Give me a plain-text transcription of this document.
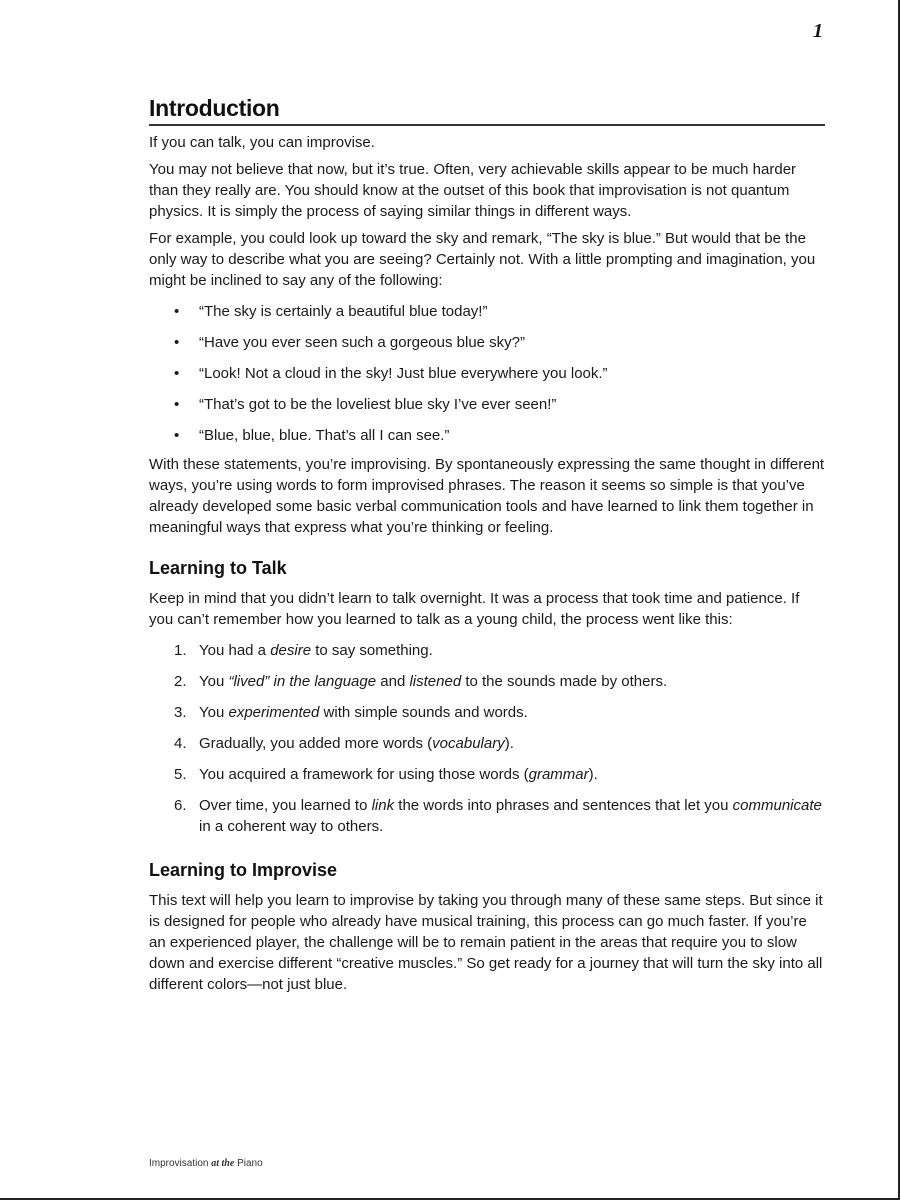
1
Introduction

If you can talk, you can improvise.

You may not believe that now, but it’s true. Often, very achievable skills appear to be much harder than they really are. You should know at the outset of this book that improvisation is not quantum physics. It is simply the process of saying similar things in different ways.

For example, you could look up toward the sky and remark, “The sky is blue.” But would that be the only way to describe what you are seeing? Certainly not. With a little prompting and imagination, you might be inclined to say any of the following:

• “The sky is certainly a beautiful blue today!”
• “Have you ever seen such a gorgeous blue sky?”
• “Look! Not a cloud in the sky! Just blue everywhere you look.”
• “That’s got to be the loveliest blue sky I’ve ever seen!”
• “Blue, blue, blue. That’s all I can see.”

With these statements, you’re improvising. By spontaneously expressing the same thought in different ways, you’re using words to form improvised phrases. The reason it seems so simple is that you’ve already developed some basic verbal communication tools and have learned to link them together in meaningful ways that express what you’re thinking or feeling.

Learning to Talk

Keep in mind that you didn’t learn to talk overnight. It was a process that took time and patience. If you can’t remember how you learned to talk as a young child, the process went like this:

1. You had a desire to say something.
2. You “lived” in the language and listened to the sounds made by others.
3. You experimented with simple sounds and words.
4. Gradually, you added more words (vocabulary).
5. You acquired a framework for using those words (grammar).
6. Over time, you learned to link the words into phrases and sentences that let you communicate in a coherent way to others.
Learning to Improvise

This text will help you learn to improvise by taking you through many of these same steps. But since it is designed for people who already have musical training, this process can go much faster. If you’re an experienced player, the challenge will be to remain patient in the areas that require you to slow down and exercise different “creative muscles.” So get ready for a journey that will turn the sky into all different colors—not just blue.

Improvisation at the Piano
